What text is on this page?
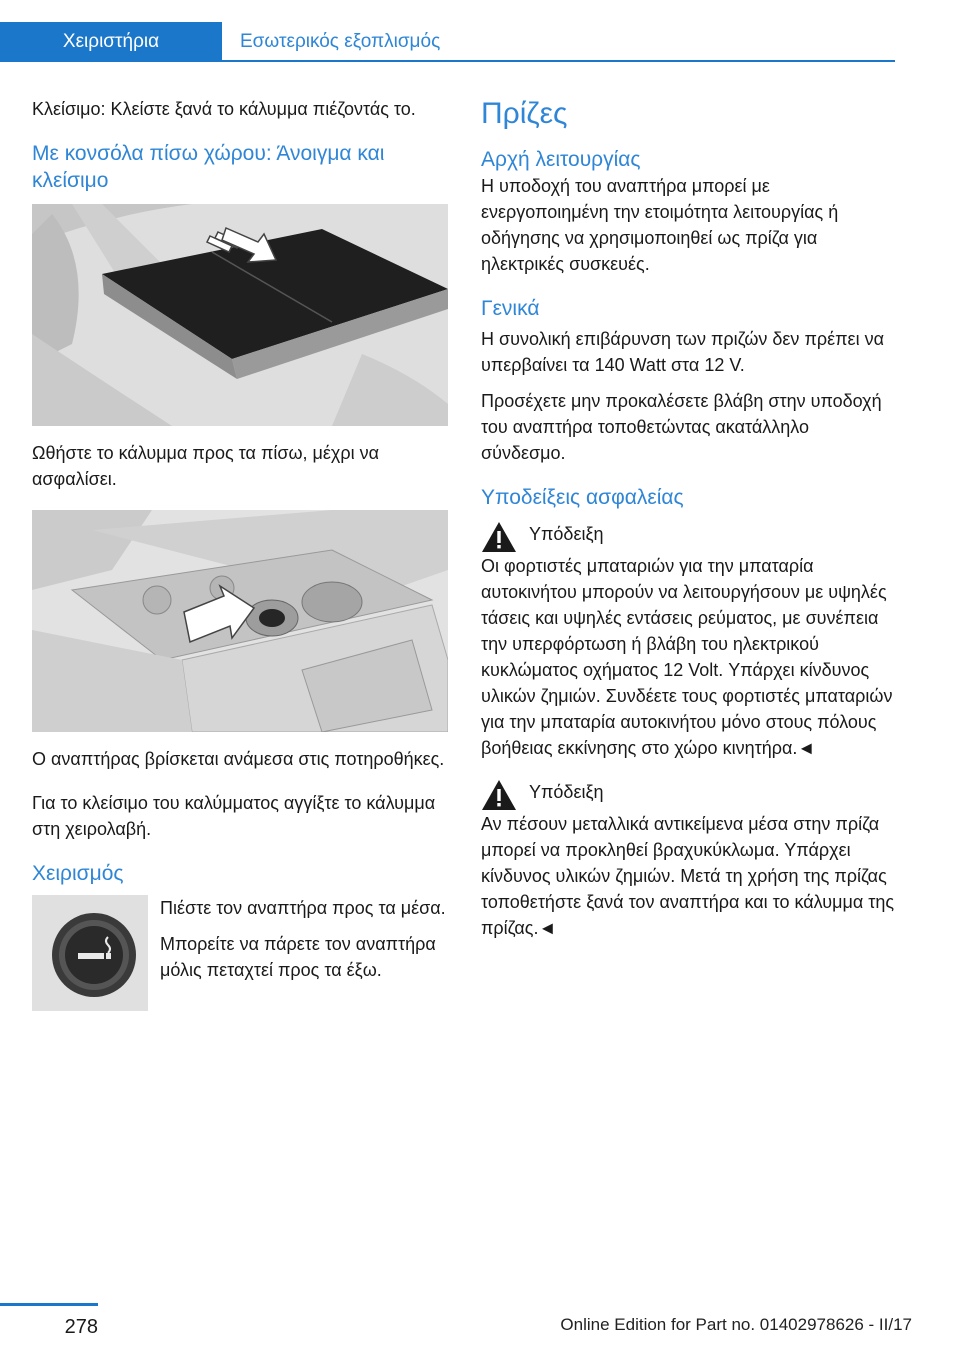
Χειριστήρια	Εσωτερικός εξοπλισμός

Κλείσιμο: Κλείστε ξανά το κάλυμμα πιέζοντάς το.

Με κονσόλα πίσω χώρου: Άνοιγμα και κλείσιμο

Ωθήστε το κάλυμμα προς τα πίσω, μέχρι να ασφαλίσει.

Ο αναπτήρας βρίσκεται ανάμεσα στις ποτηροθήκες.

Για το κλείσιμο του καλύμματος αγγίξτε το κάλυμμα στη χειρολαβή.

Χειρισμός

Πιέστε τον αναπτήρα προς τα μέσα.

Μπορείτε να πάρετε τον αναπτήρα μόλις πεταχτεί προς τα έξω.

Πρίζες
Αρχή λειτουργίας

Η υποδοχή του αναπτήρα μπορεί με ενεργοποιημένη την ετοιμότητα λειτουργίας ή οδήγησης να χρησιμοποιηθεί ως πρίζα για ηλεκτρικές συσκευές.

Γενικά

Η συνολική επιβάρυνση των πριζών δεν πρέπει να υπερβαίνει τα 140 Watt στα 12 V.

Προσέχετε μην προκαλέσετε βλάβη στην υποδοχή του αναπτήρα τοποθετώντας ακατάλληλο σύνδεσμο.

Υποδείξεις ασφαλείας

Υπόδειξη

Οι φορτιστές μπαταριών για την μπαταρία αυτοκινήτου μπορούν να λειτουργήσουν με υψηλές τάσεις και υψηλές εντάσεις ρεύματος, με συνέπεια την υπερφόρτωση ή βλάβη του ηλεκτρικού κυκλώματος οχήματος 12 Volt. Υπάρχει κίνδυνος υλικών ζημιών. Συνδέετε τους φορτιστές μπαταριών για την μπαταρία αυτοκινήτου μόνο στους πόλους βοήθειας εκκίνησης στο χώρο κινητήρα.◄

Υπόδειξη

Αν πέσουν μεταλλικά αντικείμενα μέσα στην πρίζα μπορεί να προκληθεί βραχυκύκλωμα. Υπάρχει κίνδυνος υλικών ζημιών. Μετά τη χρήση της πρίζας τοποθετήστε ξανά τον αναπτήρα και το κάλυμμα της πρίζας.◄

278	Online Edition for Part no. 01402978626 - II/17
